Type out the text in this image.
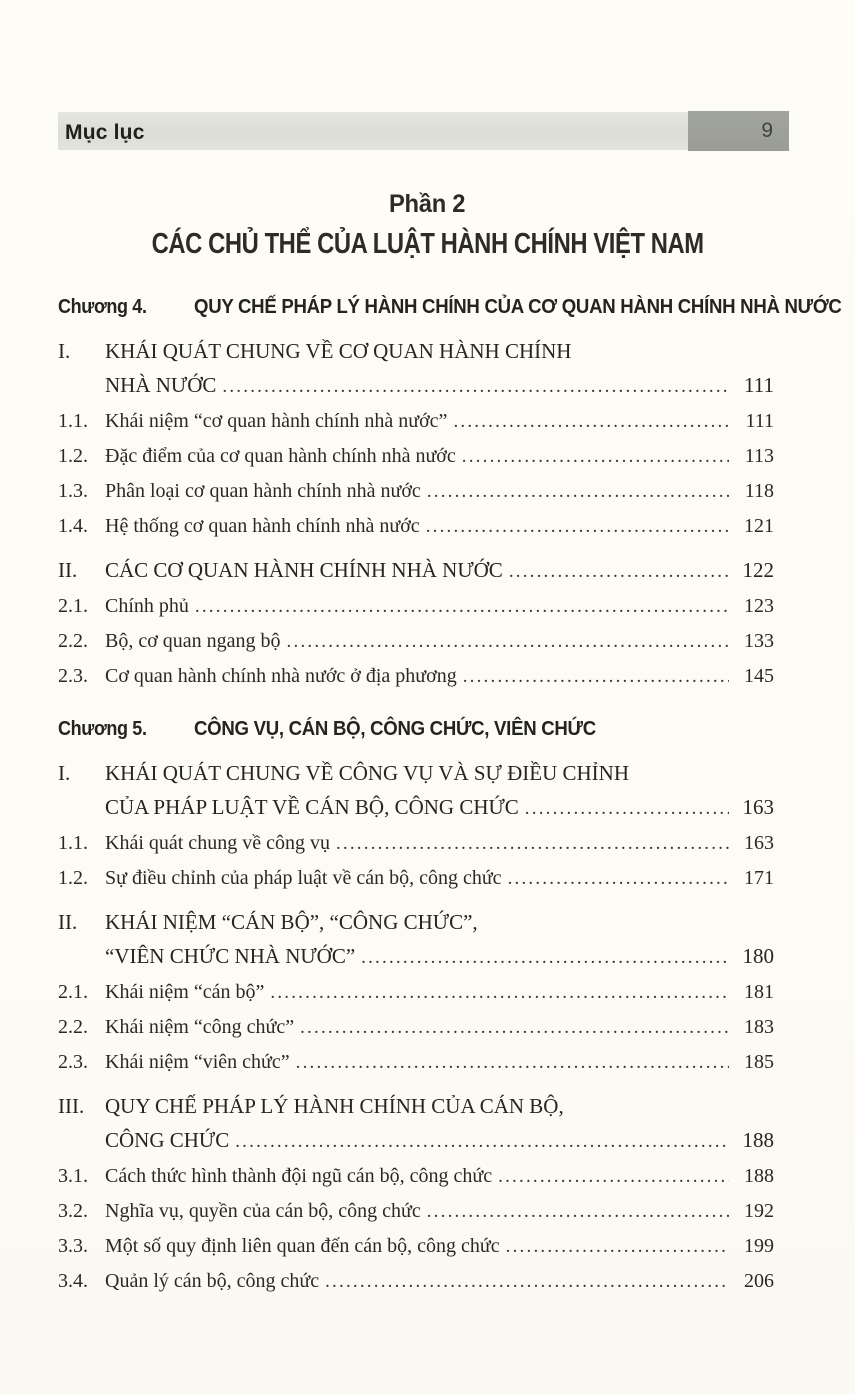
Mục lục	9
Phần 2
CÁC CHỦ THỂ CỦA LUẬT HÀNH CHÍNH VIỆT NAM
Chương 4. QUY CHẾ PHÁP LÝ HÀNH CHÍNH CỦA CƠ QUAN HÀNH CHÍNH NHÀ NƯỚC
I.	KHÁI QUÁT CHUNG VỀ CƠ QUAN HÀNH CHÍNH
NHÀ NƯỚC .....	111
1.1. Khái niệm “cơ quan hành chính nhà nước” .....	111
1.2. Đặc điểm của cơ quan hành chính nhà nước .....	113
1.3. Phân loại cơ quan hành chính nhà nước .....	118
1.4. Hệ thống cơ quan hành chính nhà nước .....	121
II.	CÁC CƠ QUAN HÀNH CHÍNH NHÀ NƯỚC .....	122
2.1. Chính phủ .....	123
2.2. Bộ, cơ quan ngang bộ .....	133
2.3. Cơ quan hành chính nhà nước ở địa phương .....	145
Chương 5. CÔNG VỤ, CÁN BỘ, CÔNG CHỨC, VIÊN CHỨC
I.	KHÁI QUÁT CHUNG VỀ CÔNG VỤ VÀ SỰ ĐIỀU CHỈNH
CỦA PHÁP LUẬT VỀ CÁN BỘ, CÔNG CHỨC .....	163
1.1. Khái quát chung về công vụ .....	163
1.2. Sự điều chỉnh của pháp luật về cán bộ, công chức .....	171
II.	KHÁI NIỆM “CÁN BỘ”, “CÔNG CHỨC”,
“VIÊN CHỨC NHÀ NƯỚC” .....	180
2.1. Khái niệm “cán bộ” .....	181
2.2. Khái niệm “công chức” .....	183
2.3. Khái niệm “viên chức” .....	185
III. QUY CHẾ PHÁP LÝ HÀNH CHÍNH CỦA CÁN BỘ,
CÔNG CHỨC .....	188
3.1. Cách thức hình thành đội ngũ cán bộ, công chức .....	188
3.2. Nghĩa vụ, quyền của cán bộ, công chức .....	192
3.3. Một số quy định liên quan đến cán bộ, công chức .....	199
3.4. Quản lý cán bộ, công chức .....	206
